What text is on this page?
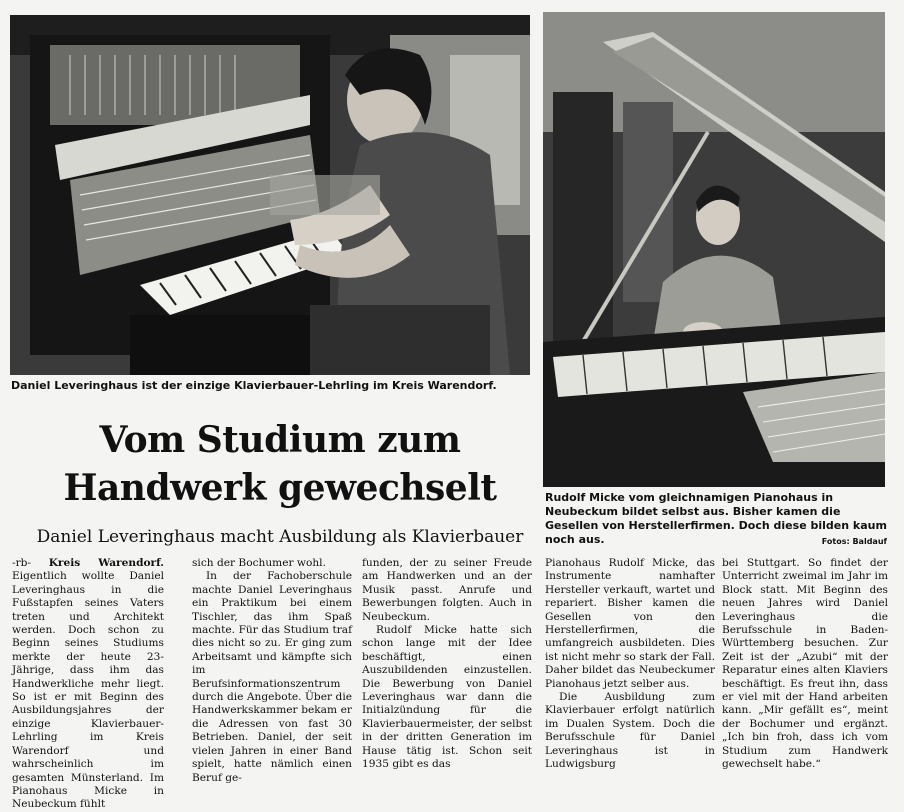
Daniel Leveringhaus ist der einzige Klavierbauer-Lehrling im Kreis Warendorf.
Rudolf Micke vom gleichnamigen Pianohaus in Neubeckum bildet selbst aus. Bisher kamen die Gesellen von Herstellerfirmen. Doch diese bilden kaum noch aus.	Fotos: Baldauf
Vom Studium zum
Handwerk gewechselt
Daniel Leveringhaus macht Ausbildung als Klavierbauer

-rb- Kreis Warendorf. Eigentlich wollte Daniel Leveringhaus in die Fußstapfen seines Vaters treten und Architekt werden. Doch schon zu Beginn seines Studiums merkte der heute 23-Jährige, dass ihm das Handwerkliche mehr liegt. So ist er mit Beginn des Ausbildungsjahres der einzige Klavierbauer-Lehrling im Kreis Warendorf und wahrscheinlich im gesamten Münsterland. Im Pianohaus Micke in Neubeckum fühlt

sich der Bochumer wohl.

In der Fachoberschule machte Daniel Leveringhaus ein Praktikum bei einem Tischler, das ihm Spaß machte. Für das Studium traf dies nicht so zu. Er ging zum Arbeitsamt und kämpfte sich im Berufsinformationszentrum durch die Angebote. Über die Handwerkskammer bekam er die Adressen von fast 30 Betrieben. Daniel, der seit vielen Jahren in einer Band spielt, hatte nämlich einen Beruf ge-

funden, der zu seiner Freude am Handwerken und an der Musik passt. Anrufe und Bewerbungen folgten. Auch in Neubeckum.

Rudolf Micke hatte sich schon lange mit der Idee beschäftigt, einen Auszubildenden einzustellen. Die Bewerbung von Daniel Leveringhaus war dann die Initialzündung für die Klavierbauermeister, der selbst in der dritten Generation im Hause tätig ist. Schon seit 1935 gibt es das

Pianohaus Rudolf Micke, das Instrumente namhafter Hersteller verkauft, wartet und repariert. Bisher kamen die Gesellen von den Herstellerfirmen, die umfangreich ausbildeten. Dies ist nicht mehr so stark der Fall. Daher bildet das Neubeckumer Pianohaus jetzt selber aus.

Die Ausbildung zum Klavierbauer erfolgt natürlich im Dualen System. Doch die Berufsschule für Daniel Leveringhaus ist in Ludwigsburg

bei Stuttgart. So findet der Unterricht zweimal im Jahr im Block statt. Mit Beginn des neuen Jahres wird Daniel Leveringhaus die Berufsschule in Baden-Württemberg besuchen. Zur Zeit ist der „Azubi“ mit der Reparatur eines alten Klaviers beschäftigt. Es freut ihn, dass er viel mit der Hand arbeiten kann. „Mir gefällt es“, meint der Bochumer und ergänzt. „Ich bin froh, dass ich vom Studium zum Handwerk gewechselt habe.“
